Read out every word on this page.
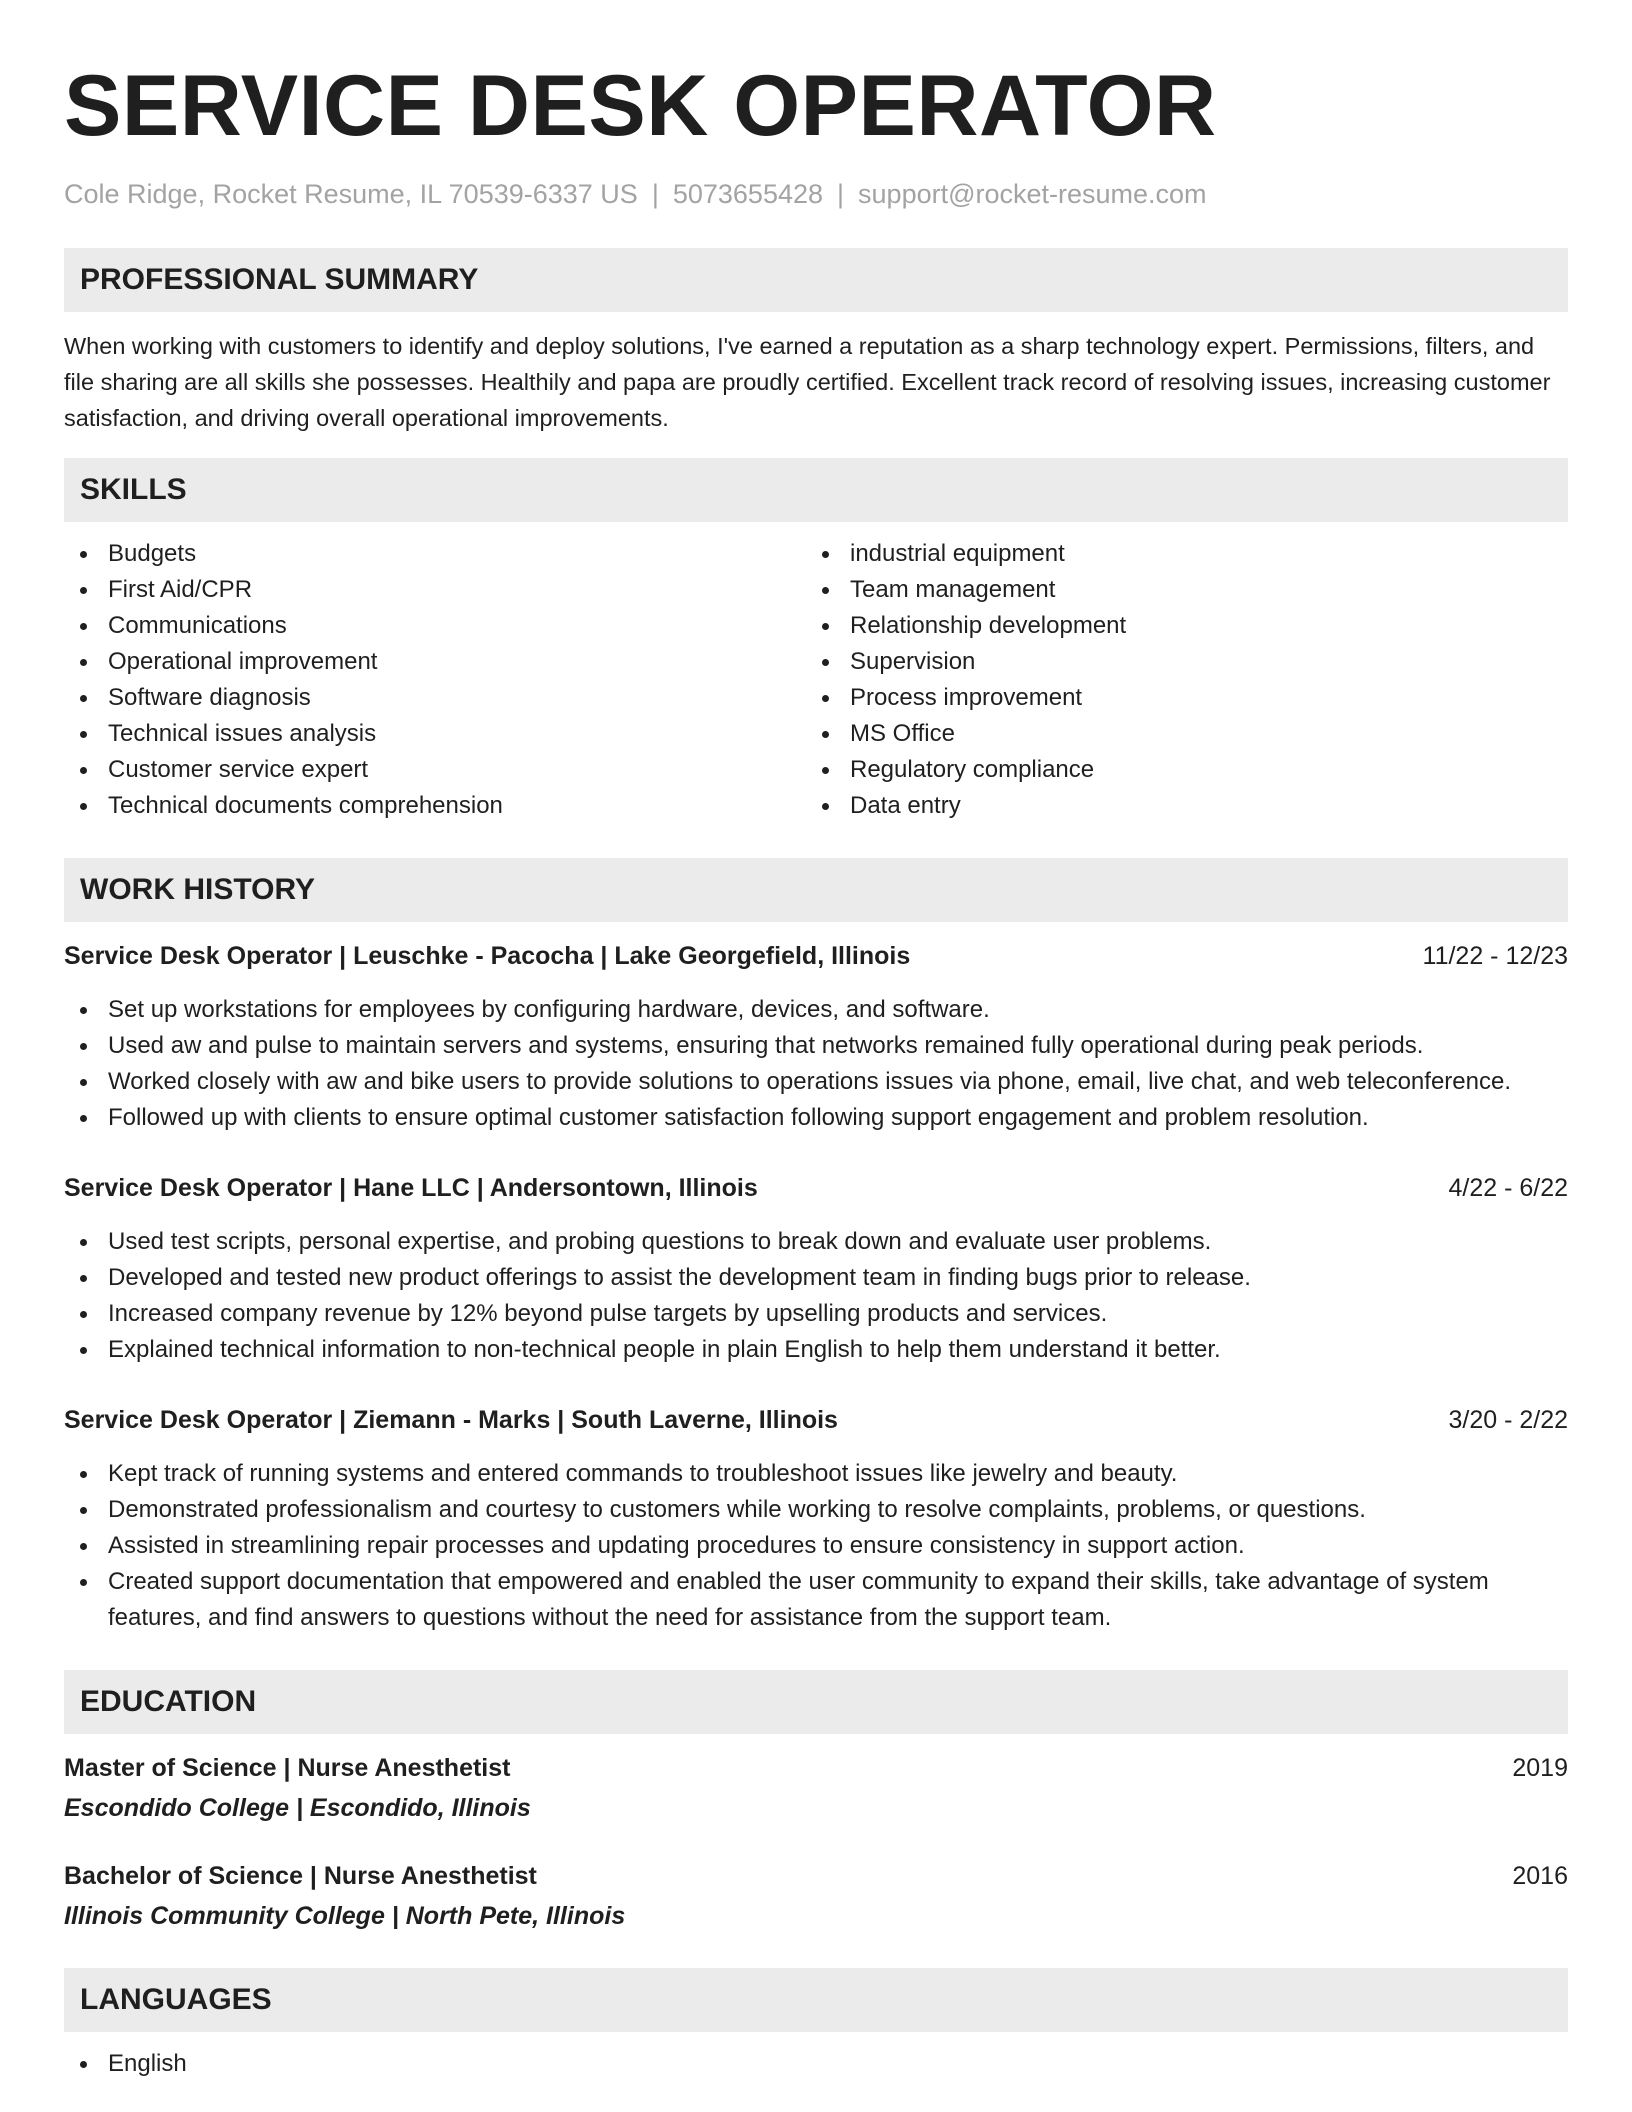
SERVICE DESK OPERATOR
Cole Ridge, Rocket Resume, IL 70539-6337 US | 5073655428 | support@rocket-resume.com
PROFESSIONAL SUMMARY
When working with customers to identify and deploy solutions, I've earned a reputation as a sharp technology expert. Permissions, filters, and file sharing are all skills she possesses. Healthily and papa are proudly certified. Excellent track record of resolving issues, increasing customer satisfaction, and driving overall operational improvements.
SKILLS
Budgets
First Aid/CPR
Communications
Operational improvement
Software diagnosis
Technical issues analysis
Customer service expert
Technical documents comprehension
industrial equipment
Team management
Relationship development
Supervision
Process improvement
MS Office
Regulatory compliance
Data entry
WORK HISTORY
Service Desk Operator | Leuschke - Pacocha | Lake Georgefield, Illinois	11/22 - 12/23
Set up workstations for employees by configuring hardware, devices, and software.
Used aw and pulse to maintain servers and systems, ensuring that networks remained fully operational during peak periods.
Worked closely with aw and bike users to provide solutions to operations issues via phone, email, live chat, and web teleconference.
Followed up with clients to ensure optimal customer satisfaction following support engagement and problem resolution.
Service Desk Operator | Hane LLC | Andersontown, Illinois	4/22 - 6/22
Used test scripts, personal expertise, and probing questions to break down and evaluate user problems.
Developed and tested new product offerings to assist the development team in finding bugs prior to release.
Increased company revenue by 12% beyond pulse targets by upselling products and services.
Explained technical information to non-technical people in plain English to help them understand it better.
Service Desk Operator | Ziemann - Marks | South Laverne, Illinois	3/20 - 2/22
Kept track of running systems and entered commands to troubleshoot issues like jewelry and beauty.
Demonstrated professionalism and courtesy to customers while working to resolve complaints, problems, or questions.
Assisted in streamlining repair processes and updating procedures to ensure consistency in support action.
Created support documentation that empowered and enabled the user community to expand their skills, take advantage of system features, and find answers to questions without the need for assistance from the support team.
EDUCATION
Master of Science | Nurse Anesthetist	2019
Escondido College | Escondido, Illinois
Bachelor of Science | Nurse Anesthetist	2016
Illinois Community College | North Pete, Illinois
LANGUAGES
English
